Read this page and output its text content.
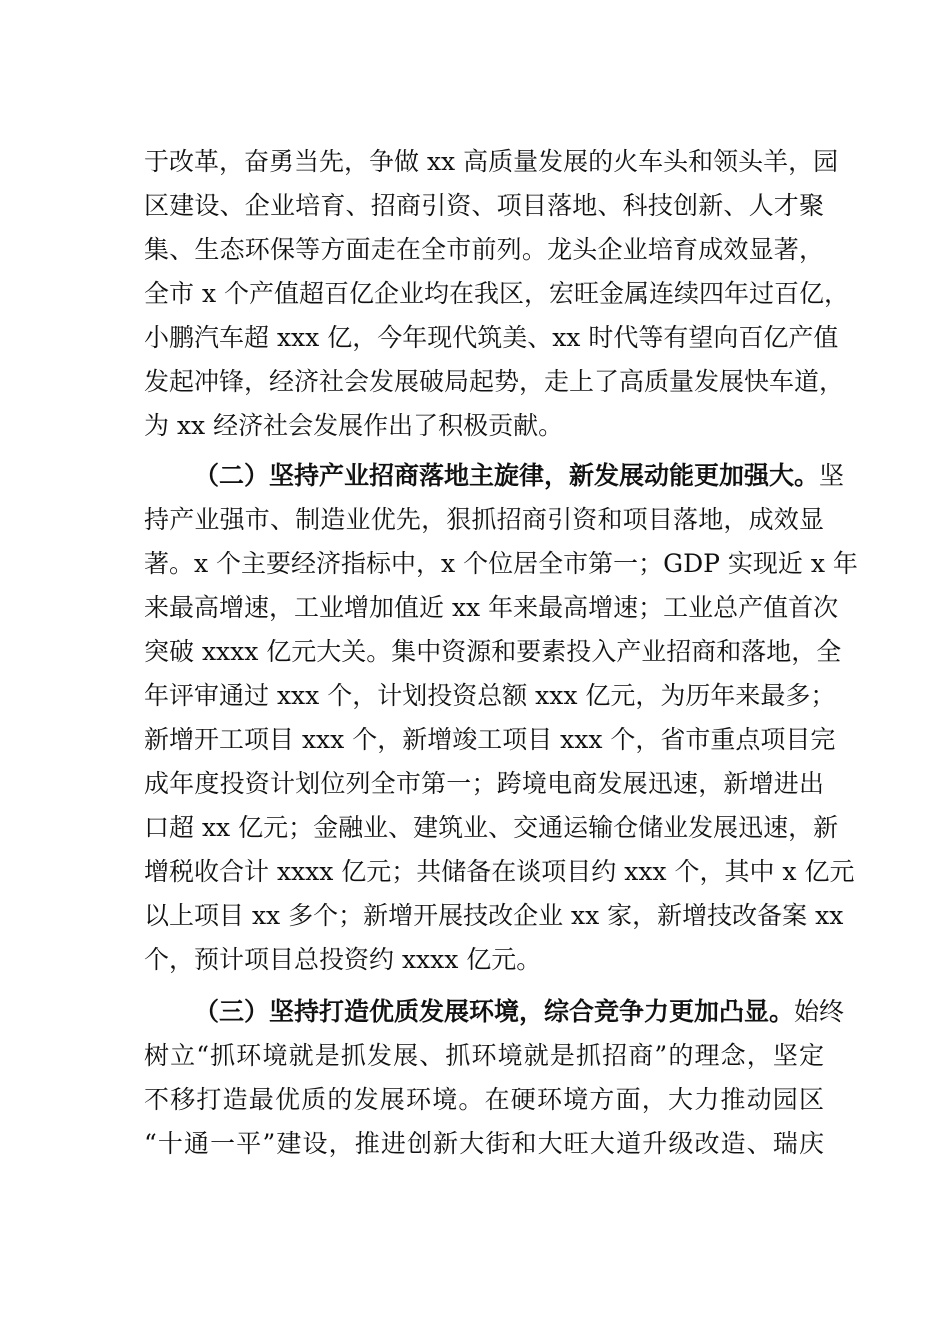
于改革，奋勇当先，争做 xx 高质量发展的火车头和领头羊，园
区建设、企业培育、招商引资、项目落地、科技创新、人才聚
集、生态环保等方面走在全市前列。龙头企业培育成效显著，
全市 x 个产值超百亿企业均在我区，宏旺金属连续四年过百亿，
小鹏汽车超 xxx 亿，今年现代筑美、xx 时代等有望向百亿产值
发起冲锋，经济社会发展破局起势，走上了高质量发展快车道，
为 xx 经济社会发展作出了积极贡献。
（二）坚持产业招商落地主旋律，新发展动能更加强大。坚
持产业强市、制造业优先，狠抓招商引资和项目落地，成效显
著。x 个主要经济指标中，x 个位居全市第一；GDP 实现近 x 年
来最高增速，工业增加值近 xx 年来最高增速；工业总产值首次
突破 xxxx 亿元大关。集中资源和要素投入产业招商和落地，全
年评审通过 xxx 个，计划投资总额 xxx 亿元，为历年来最多；
新增开工项目 xxx 个，新增竣工项目 xxx 个，省市重点项目完
成年度投资计划位列全市第一；跨境电商发展迅速，新增进出
口超 xx 亿元；金融业、建筑业、交通运输仓储业发展迅速，新
增税收合计 xxxx 亿元；共储备在谈项目约 xxx 个，其中 x 亿元
以上项目 xx 多个；新增开展技改企业 xx 家，新增技改备案 xx
个，预计项目总投资约 xxxx 亿元。
（三）坚持打造优质发展环境，综合竞争力更加凸显。始终
树立“抓环境就是抓发展、抓环境就是抓招商”的理念，坚定
不移打造最优质的发展环境。在硬环境方面，大力推动园区
“十通一平”建设，推进创新大街和大旺大道升级改造、瑞庆
